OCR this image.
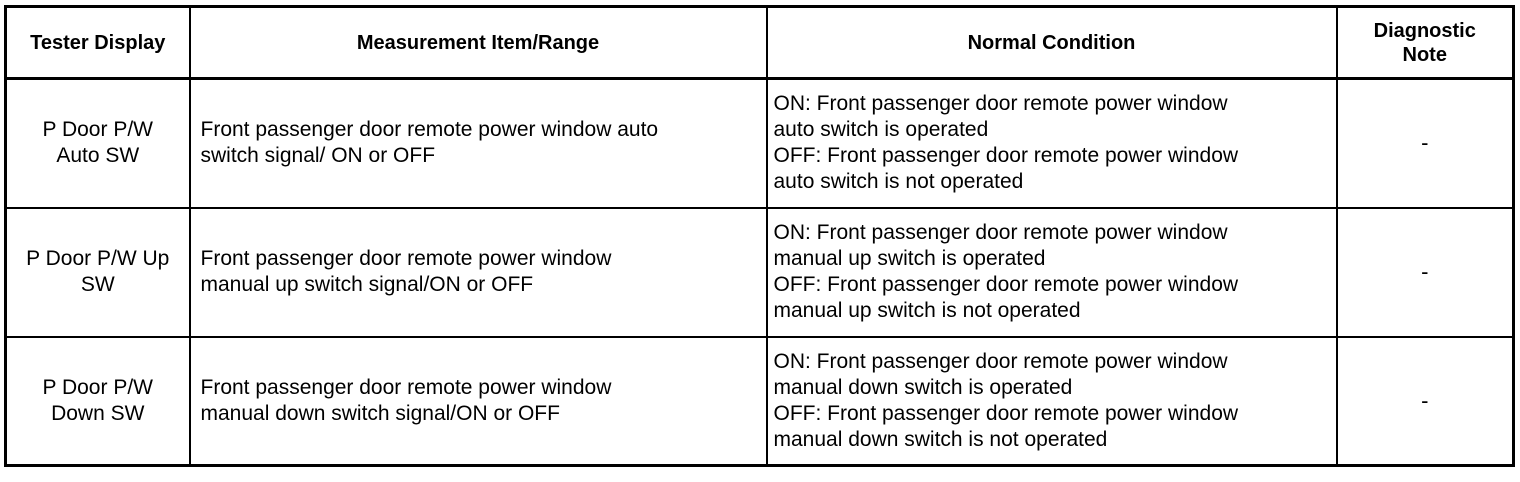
Tester Display	Measurement Item/Range	Normal Condition	Diagnostic
Note

P Door P/W
Auto SW	Front passenger door remote power window auto
switch signal/ ON or OFF	ON: Front passenger door remote power window
auto switch is operated
OFF: Front passenger door remote power window
auto switch is not operated	-

P Door P/W Up
SW	Front passenger door remote power window
manual up switch signal/ON or OFF	ON: Front passenger door remote power window
manual up switch is operated
OFF: Front passenger door remote power window
manual up switch is not operated	-

P Door P/W
Down SW	Front passenger door remote power window
manual down switch signal/ON or OFF	ON: Front passenger door remote power window
manual down switch is operated
OFF: Front passenger door remote power window
manual down switch is not operated	-
